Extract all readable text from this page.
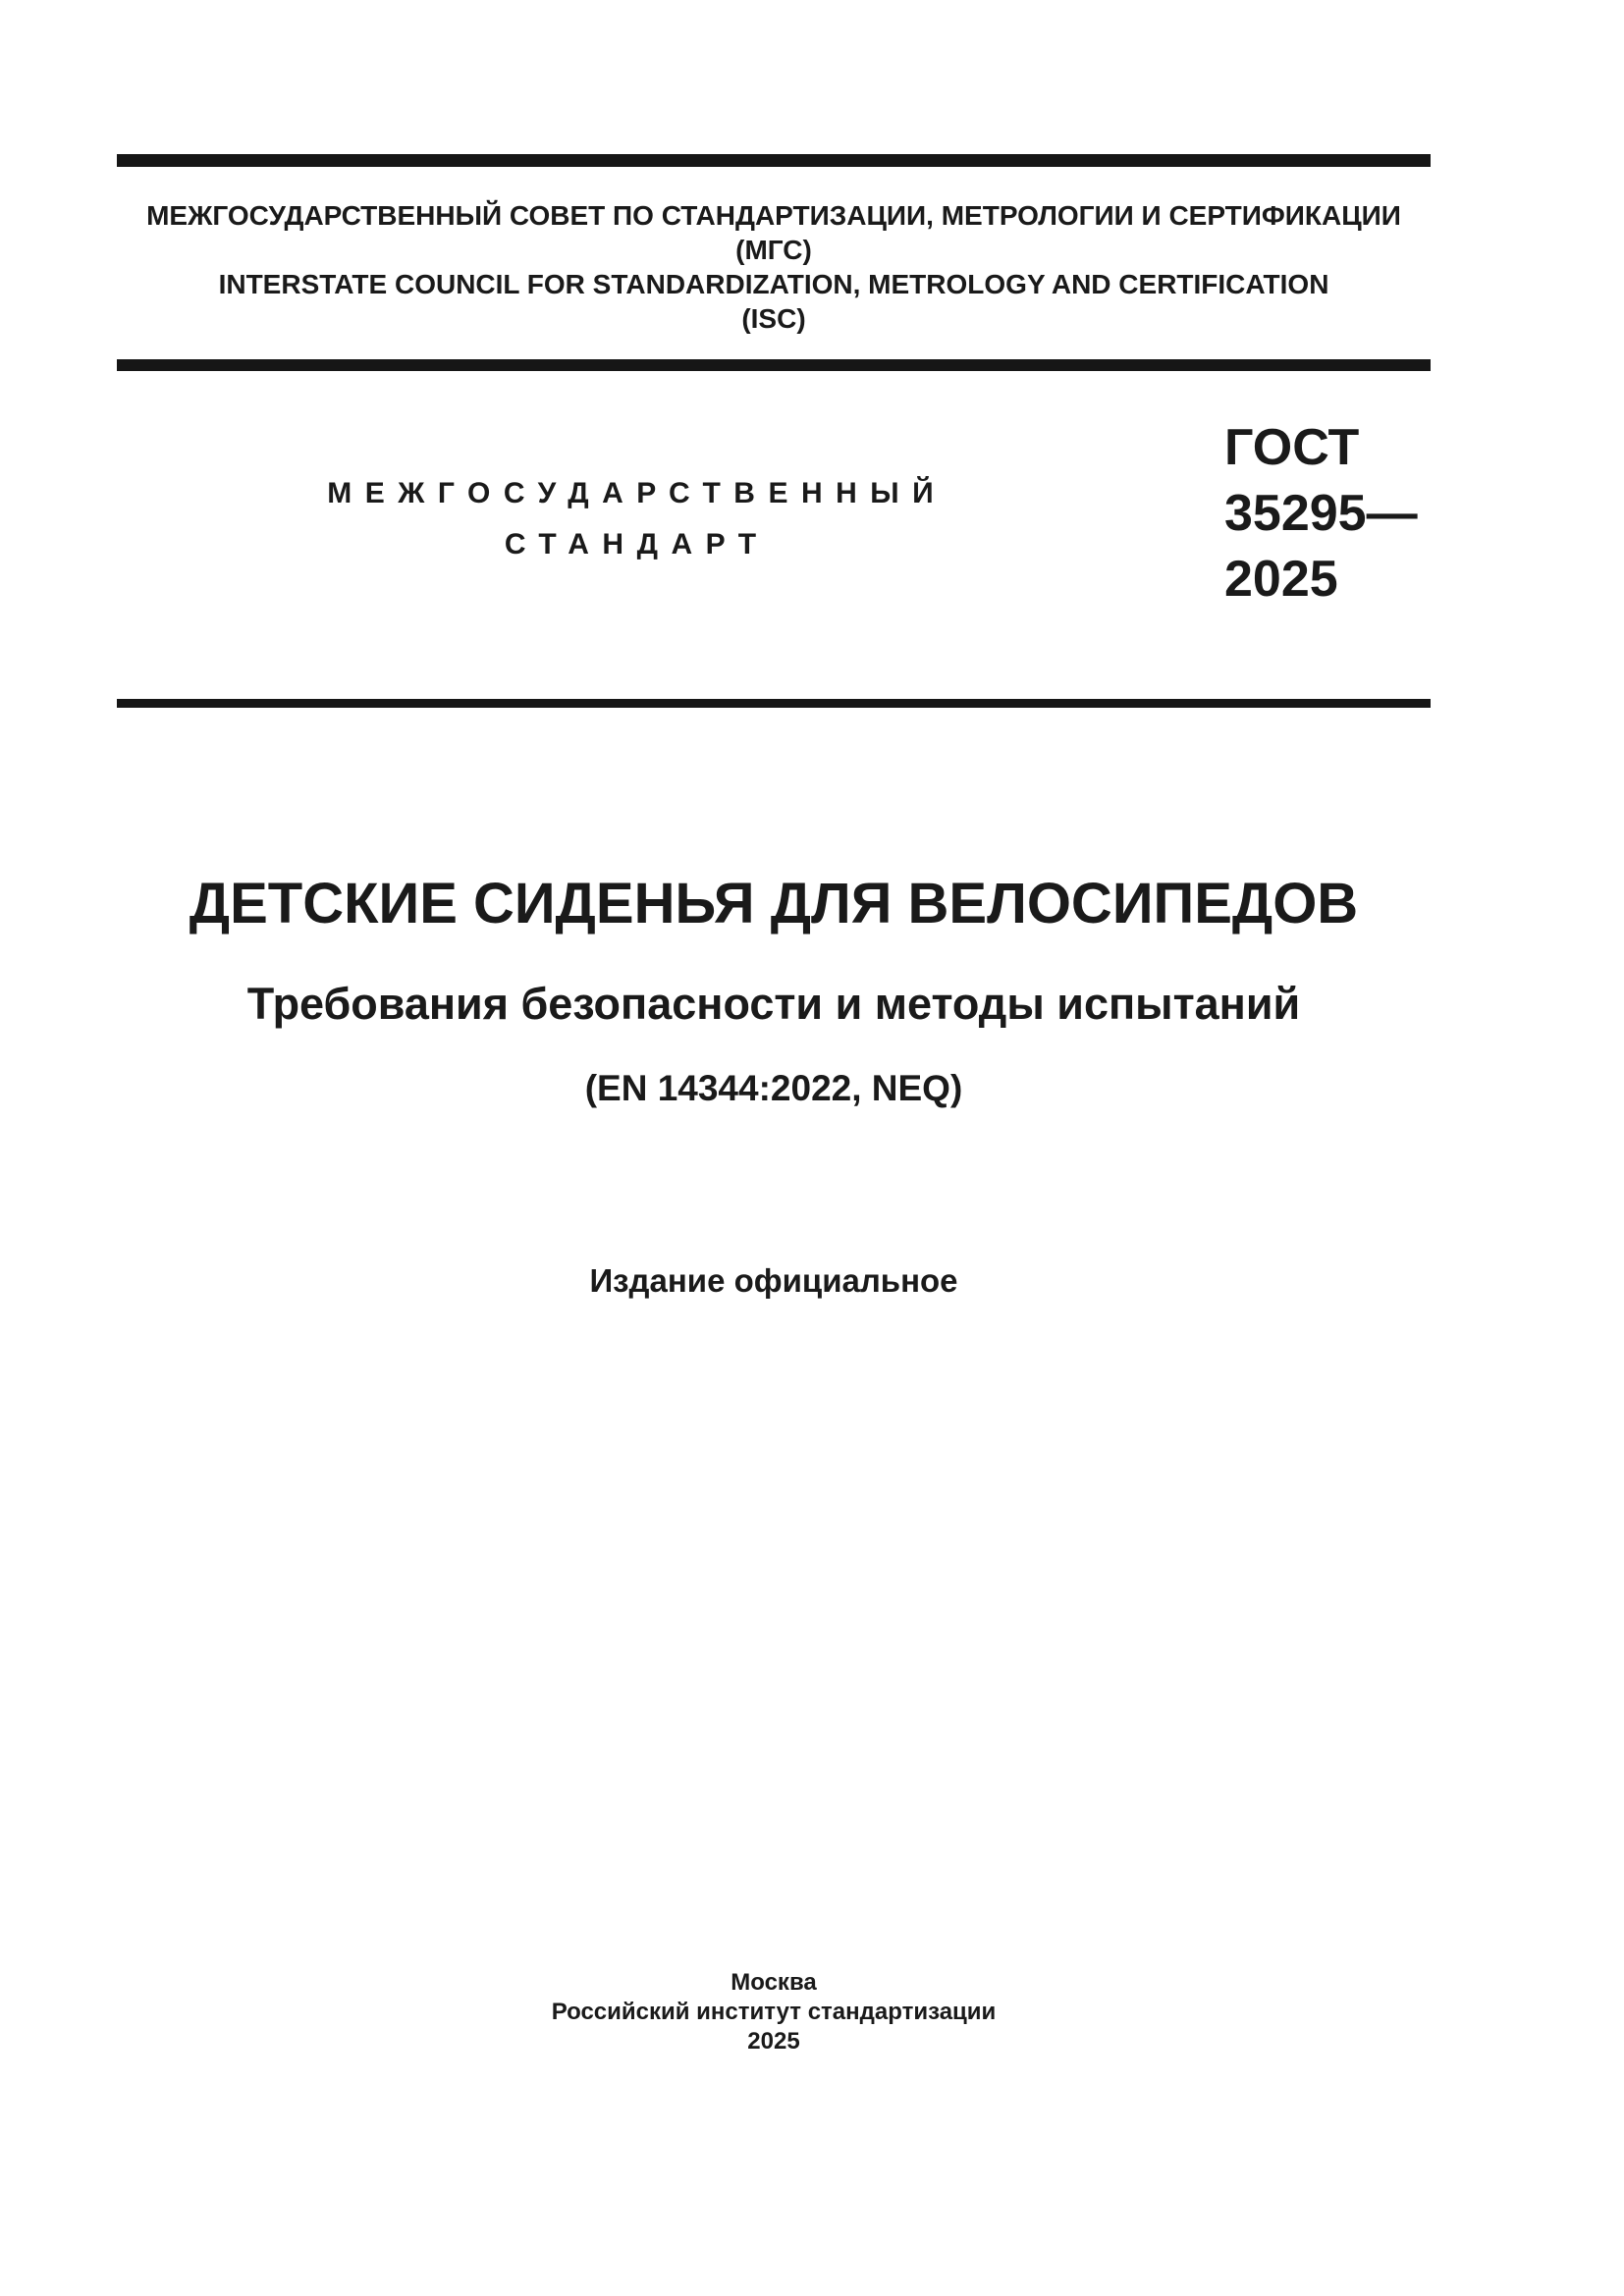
МЕЖГОСУДАРСТВЕННЫЙ СОВЕТ ПО СТАНДАРТИЗАЦИИ, МЕТРОЛОГИИ И СЕРТИФИКАЦИИ
(МГС)
INTERSTATE COUNCIL FOR STANDARDIZATION, METROLOGY AND CERTIFICATION
(ISC)
МЕЖГОСУДАРСТВЕННЫЙ
СТАНДАРТ
ГОСТ
35295—
2025
ДЕТСКИЕ СИДЕНЬЯ ДЛЯ ВЕЛОСИПЕДОВ
Требования безопасности и методы испытаний
(EN 14344:2022, NEQ)
Издание официальное
Москва
Российский институт стандартизации
2025
